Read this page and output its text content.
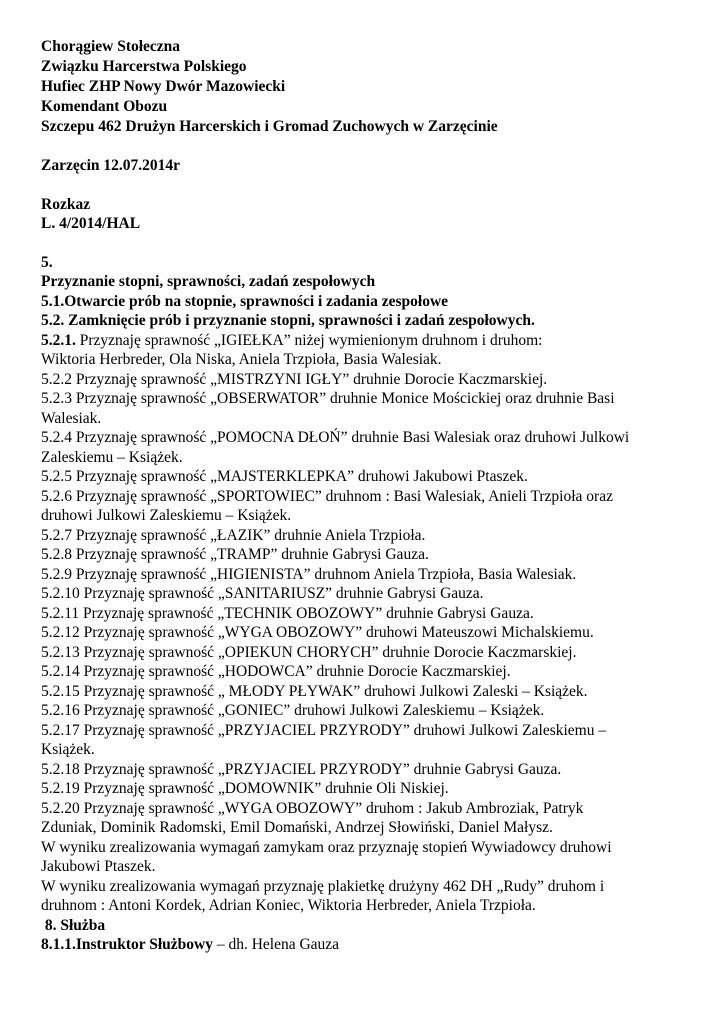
Chorągiew Stołeczna
Związku Harcerstwa Polskiego
Hufiec ZHP Nowy Dwór Mazowiecki
Komendant Obozu
Szczepu 462 Drużyn Harcerskich i Gromad Zuchowych w Zarzęcinie
Zarzęcin 12.07.2014r
Rozkaz
L. 4/2014/HAL
5.
Przyznanie stopni, sprawności, zadań zespołowych
5.1.Otwarcie prób na stopnie, sprawności i zadania zespołowe
5.2. Zamknięcie prób i przyznanie stopni, sprawności i zadań zespołowych.
5.2.1. Przyznaję sprawność „IGIEŁKA” niżej wymienionym druhnom i druhom:
Wiktoria Herbreder, Ola Niska, Aniela Trzpioła, Basia Walesiak.
5.2.2 Przyznaję sprawność „MISTRZYNI IGŁY” druhnie Dorocie Kaczmarskiej.
5.2.3 Przyznaję sprawność „OBSERWATOR” druhnie Monice Mościckiej oraz druhnie Basi
Walesiak.
5.2.4 Przyznaję sprawność „POMOCNA DŁOŃ” druhnie Basi Walesiak oraz druhowi Julkowi
Zaleskiemu – Książek.
5.2.5 Przyznaję sprawność „MAJSTERKLEPKA” druhowi Jakubowi Ptaszek.
5.2.6 Przyznaję sprawność „SPORTOWIEC” druhnom : Basi Walesiak, Anieli Trzpioła oraz
druhowi Julkowi Zaleskiemu – Książek.
5.2.7 Przyznaję sprawność „ŁAZIK” druhnie Aniela Trzpioła.
5.2.8 Przyznaję sprawność „TRAMP” druhnie Gabrysi Gauza.
5.2.9 Przyznaję sprawność „HIGIENISTA” druhnom Aniela Trzpioła, Basia Walesiak.
5.2.10 Przyznaję sprawność „SANITARIUSZ” druhnie Gabrysi Gauza.
5.2.11 Przyznaję sprawność „TECHNIK OBOZOWY” druhnie Gabrysi Gauza.
5.2.12 Przyznaję sprawność „WYGA OBOZOWY” druhowi Mateuszowi Michalskiemu.
5.2.13 Przyznaję sprawność „OPIEKUN CHORYCH” druhnie Dorocie Kaczmarskiej.
5.2.14 Przyznaję sprawność „HODOWCA” druhnie Dorocie Kaczmarskiej.
5.2.15 Przyznaję sprawność „ MŁODY PŁYWAK” druhowi Julkowi Zaleski – Książek.
5.2.16 Przyznaję sprawność „GONIEC” druhowi Julkowi Zaleskiemu – Książek.
5.2.17 Przyznaję sprawność „PRZYJACIEL PRZYRODY” druhowi Julkowi Zaleskiemu –
Książek.
5.2.18 Przyznaję sprawność „PRZYJACIEL PRZYRODY” druhnie Gabrysi Gauza.
5.2.19 Przyznaję sprawność „DOMOWNIK” druhnie Oli Niskiej.
5.2.20 Przyznaję sprawność „WYGA OBOZOWY” druhom : Jakub Ambroziak, Patryk
Zduniak, Dominik Radomski, Emil Domański, Andrzej Słowiński, Daniel Małysz.
W wyniku zrealizowania wymagań zamykam oraz przyznaję stopień Wywiadowcy druhowi
Jakubowi Ptaszek.
W wyniku zrealizowania wymagań przyznaję plakietkę drużyny 462 DH „Rudy” druhom i
druhnom : Antoni Kordek, Adrian Koniec, Wiktoria Herbreder, Aniela Trzpioła.
8. Służba
8.1.1.Instruktor Służbowy – dh. Helena Gauza
